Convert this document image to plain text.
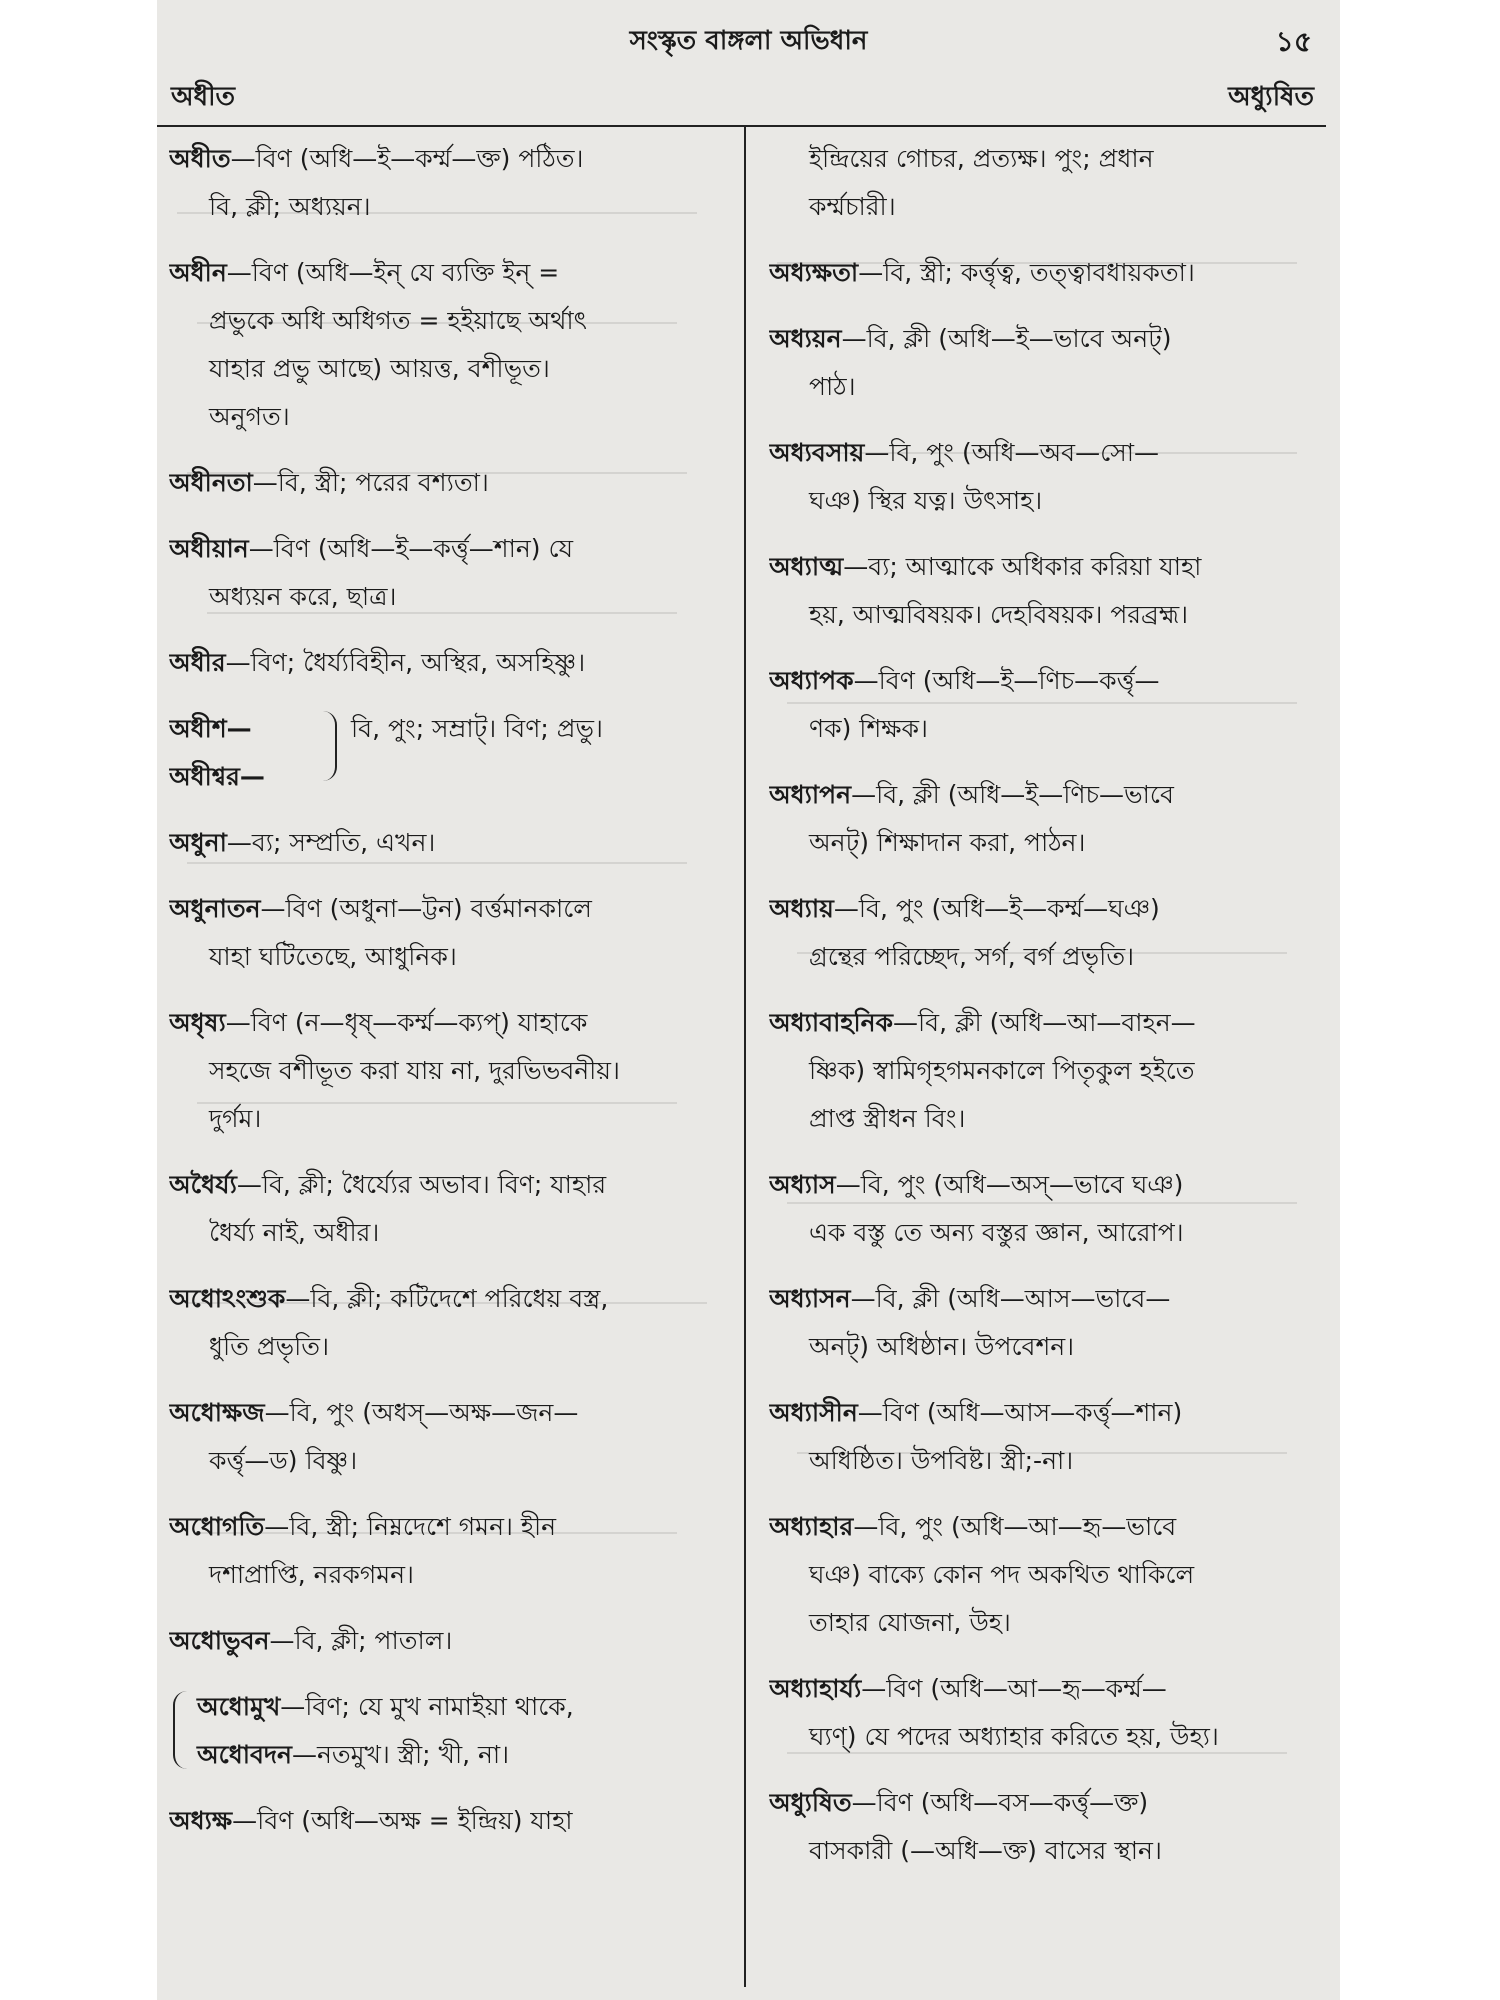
সংস্কৃত বাঙ্গলা অভিধান	১৫
অধীত	অধ্যুষিত
অধীত—বিণ (অধি—ই—কর্ম্ম—ক্ত) পঠিত।
বি, ক্লী; অধ্যয়ন।
অধীন—বিণ (অধি—ইন্ যে ব্যক্তি ইন্ =
প্রভুকে অধি অধিগত = হইয়াছে অর্থাৎ
যাহার প্রভু আছে) আয়ত্ত, বশীভূত।
অনুগত।
অধীনতা—বি, স্ত্রী; পরের বশ্যতা।
অধীয়ান—বিণ (অধি—ই—কর্ত্তৃ—শান) যে
অধ্যয়ন করে, ছাত্র।
অধীর—বিণ; ধৈর্য্যবিহীন, অস্থির, অসহিষ্ণু।
অধীশ—
অধীশ্বর—
বি, পুং; সম্রাট্। বিণ; প্রভু।
অধুনা—ব্য; সম্প্রতি, এখন।
অধুনাতন—বিণ (অধুনা—ট্টন) বর্ত্তমানকালে
যাহা ঘটিতেছে, আধুনিক।
অধৃষ্য—বিণ (ন—ধৃষ্—কর্ম্ম—ক্যপ্) যাহাকে
সহজে বশীভূত করা যায় না, দুরভিভবনীয়।
দুর্গম।
অধৈর্য্য—বি, ক্লী; ধৈর্য্যের অভাব। বিণ; যাহার
ধৈর্য্য নাই, অধীর।
অধোঽংশুক—বি, ক্লী; কটিদেশে পরিধেয় বস্ত্র,
ধুতি প্রভৃতি।
অধোক্ষজ—বি, পুং (অধস্—অক্ষ—জন—
কর্ত্তৃ—ড) বিষ্ণু।
অধোগতি—বি, স্ত্রী; নিম্নদেশে গমন। হীন
দশাপ্রাপ্তি, নরকগমন।
অধোভুবন—বি, ক্লী; পাতাল।
অধোমুখ—বিণ; যে মুখ নামাইয়া থাকে,
অধোবদন—নতমুখ। স্ত্রী; খী, না।
অধ্যক্ষ—বিণ (অধি—অক্ষ = ইন্দ্রিয়) যাহা
ইন্দ্রিয়ের গোচর, প্রত্যক্ষ। পুং; প্রধান
কর্ম্মচারী।
অধ্যক্ষতা—বি, স্ত্রী; কর্ত্তৃত্ব, তত্ত্বাবধায়কতা।
অধ্যয়ন—বি, ক্লী (অধি—ই—ভাবে অনট্)
পাঠ।
অধ্যবসায়—বি, পুং (অধি—অব—সো—
ঘঞ) স্থির যত্ন। উৎসাহ।
অধ্যাত্ম—ব্য; আত্মাকে অধিকার করিয়া যাহা
হয়, আত্মবিষয়ক। দেহবিষয়ক। পরব্রহ্ম।
অধ্যাপক—বিণ (অধি—ই—ণিচ—কর্ত্তৃ—
ণক) শিক্ষক।
অধ্যাপন—বি, ক্লী (অধি—ই—ণিচ—ভাবে
অনট্) শিক্ষাদান করা, পাঠন।
অধ্যায়—বি, পুং (অধি—ই—কর্ম্ম—ঘঞ)
গ্রন্থের পরিচ্ছেদ, সর্গ, বর্গ প্রভৃতি।
অধ্যাবাহনিক—বি, ক্লী (অধি—আ—বাহন—
ষ্ণিক) স্বামিগৃহগমনকালে পিতৃকুল হইতে
প্রাপ্ত স্ত্রীধন বিং।
অধ্যাস—বি, পুং (অধি—অস্—ভাবে ঘঞ)
এক বস্তু তে অন্য বস্তুর জ্ঞান, আরোপ।
অধ্যাসন—বি, ক্লী (অধি—আস—ভাবে—
অনট্) অধিষ্ঠান। উপবেশন।
অধ্যাসীন—বিণ (অধি—আস—কর্ত্তৃ—শান)
অধিষ্ঠিত। উপবিষ্ট। স্ত্রী;-না।
অধ্যাহার—বি, পুং (অধি—আ—হৃ—ভাবে
ঘঞ) বাক্যে কোন পদ অকথিত থাকিলে
তাহার যোজনা, উহ।
অধ্যাহার্য্য—বিণ (অধি—আ—হৃ—কর্ম্ম—
ঘ্যণ্) যে পদের অধ্যাহার করিতে হয়, উহ্য।
অধ্যুষিত—বিণ (অধি—বস—কর্ত্তৃ—ক্ত)
বাসকারী (—অধি—ক্ত) বাসের স্থান।
